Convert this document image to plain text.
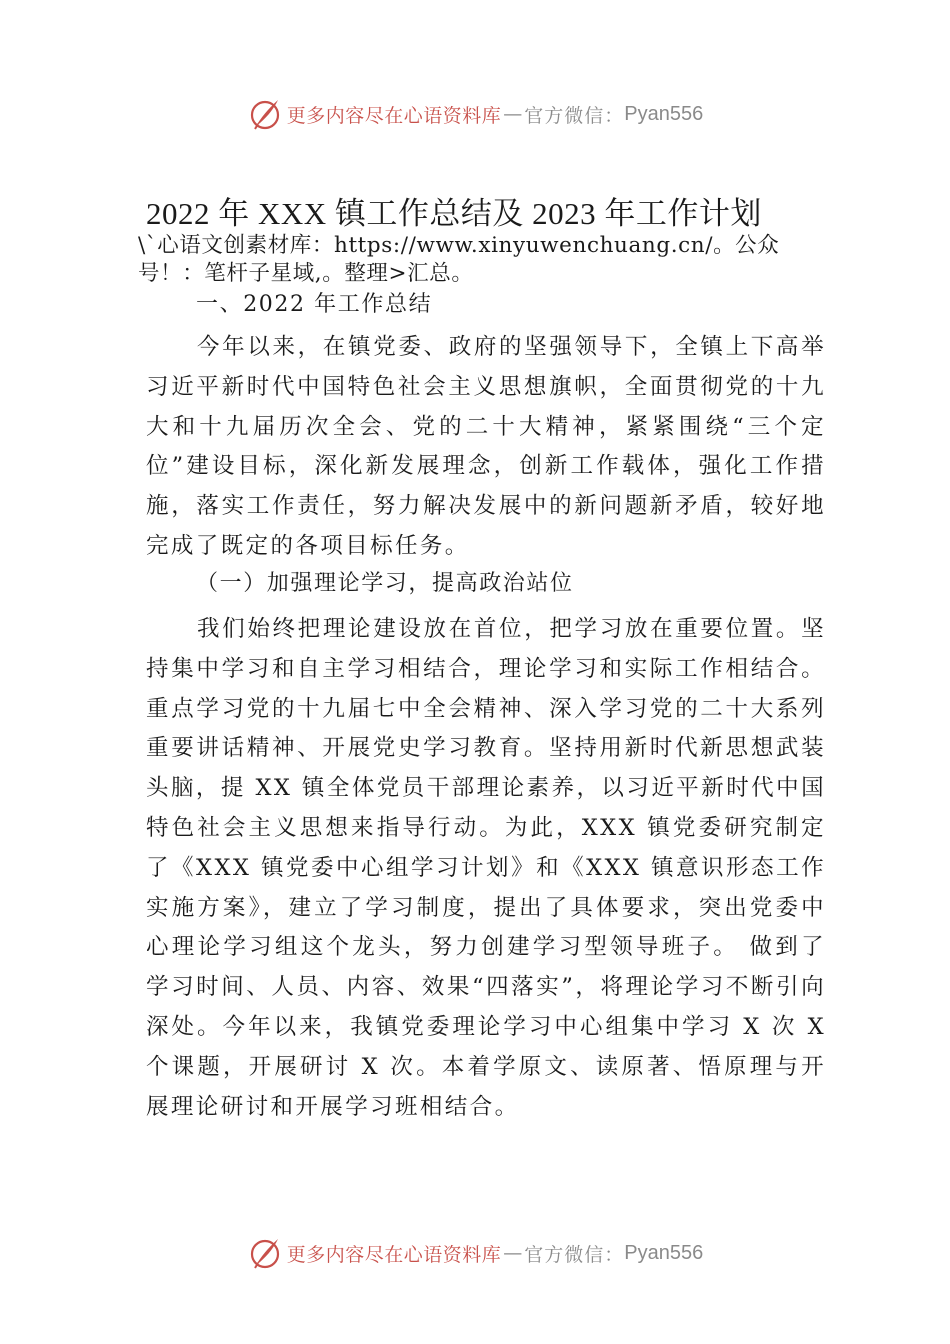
更多内容尽在心语资料库 — 官方微信： Pyan556
2022 年 XXX 镇工作总结及 2023 年工作计划
\`心语文创素材库：https://www.xinyuwenchuang.cn/。公众号！：笔杆子星域,。整理>汇总。
一、2022 年工作总结
今年以来，在镇党委、政府的坚强领导下，全镇上下高举习近平新时代中国特色社会主义思想旗帜，全面贯彻党的十九大和十九届历次全会、党的二十大精神，紧紧围绕“三个定位”建设目标，深化新发展理念，创新工作载体，强化工作措施，落实工作责任，努力解决发展中的新问题新矛盾，较好地完成了既定的各项目标任务。
（一）加强理论学习，提高政治站位
我们始终把理论建设放在首位，把学习放在重要位置。坚持集中学习和自主学习相结合，理论学习和实际工作相结合。重点学习党的十九届七中全会精神、深入学习党的二十大系列重要讲话精神、开展党史学习教育。坚持用新时代新思想武装头脑，提 XX 镇全体党员干部理论素养，以习近平新时代中国特色社会主义思想来指导行动。为此，XXX 镇党委研究制定了《XXX 镇党委中心组学习计划》和《XXX 镇意识形态工作实施方案》，建立了学习制度，提出了具体要求，突出党委中心理论学习组这个龙头，努力创建学习型领导班子。 做到了学习时间、人员、内容、效果“四落实”，将理论学习不断引向深处。今年以来，我镇党委理论学习中心组集中学习 X 次 X 个课题，开展研讨 X 次。本着学原文、读原著、悟原理与开展理论研讨和开展学习班相结合。
更多内容尽在心语资料库 — 官方微信： Pyan556
